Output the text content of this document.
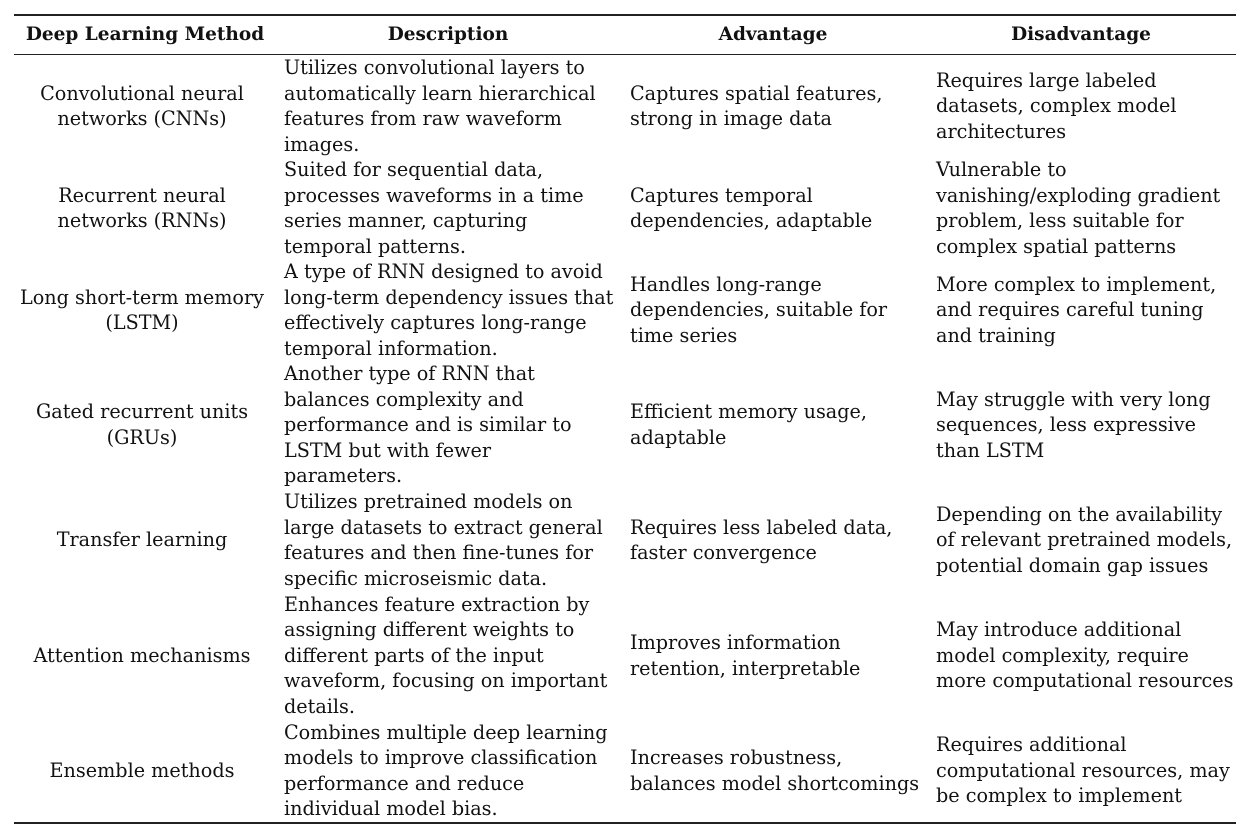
Deep Learning Method	Description	Advantage	Disadvantage
Convolutional neural networks (CNNs)	Utilizes convolutional layers to automatically learn hierarchical features from raw waveform images.	Captures spatial features, strong in image data	Requires large labeled datasets, complex model architectures
Recurrent neural networks (RNNs)	Suited for sequential data, processes waveforms in a time series manner, capturing temporal patterns.	Captures temporal dependencies, adaptable	Vulnerable to vanishing/exploding gradient problem, less suitable for complex spatial patterns
Long short-term memory (LSTM)	A type of RNN designed to avoid long-term dependency issues that effectively captures long-range temporal information.	Handles long-range dependencies, suitable for time series	More complex to implement, and requires careful tuning and training
Gated recurrent units (GRUs)	Another type of RNN that balances complexity and performance and is similar to LSTM but with fewer parameters.	Efficient memory usage, adaptable	May struggle with very long sequences, less expressive than LSTM
Transfer learning	Utilizes pretrained models on large datasets to extract general features and then fine-tunes for specific microseismic data.	Requires less labeled data, faster convergence	Depending on the availability of relevant pretrained models, potential domain gap issues
Attention mechanisms	Enhances feature extraction by assigning different weights to different parts of the input waveform, focusing on important details.	Improves information retention, interpretable	May introduce additional model complexity, require more computational resources
Ensemble methods	Combines multiple deep learning models to improve classification performance and reduce individual model bias.	Increases robustness, balances model shortcomings	Requires additional computational resources, may be complex to implement
